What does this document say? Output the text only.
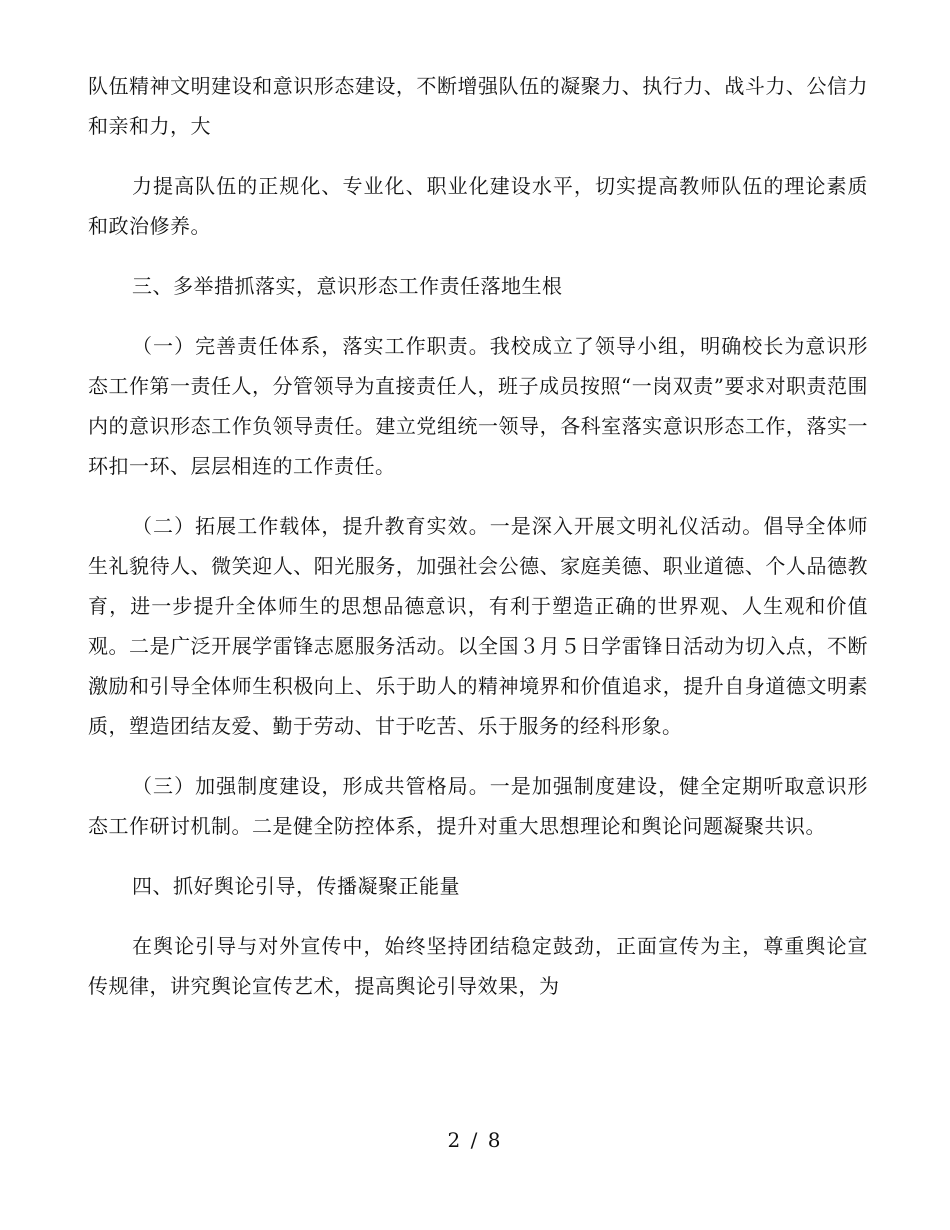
队伍精神文明建设和意识形态建设，不断增强队伍的凝聚力、执行力、战斗力、公信力和亲和力，大

力提高队伍的正规化、专业化、职业化建设水平，切实提高教师队伍的理论素质和政治修养。

三、多举措抓落实，意识形态工作责任落地生根

（一）完善责任体系，落实工作职责。我校成立了领导小组，明确校长为意识形态工作第一责任人，分管领导为直接责任人，班子成员按照“一岗双责”要求对职责范围内的意识形态工作负领导责任。建立党组统一领导，各科室落实意识形态工作，落实一环扣一环、层层相连的工作责任。

（二）拓展工作载体，提升教育实效。一是深入开展文明礼仪活动。倡导全体师生礼貌待人、微笑迎人、阳光服务，加强社会公德、家庭美德、职业道德、个人品德教育，进一步提升全体师生的思想品德意识，有利于塑造正确的世界观、人生观和价值观。二是广泛开展学雷锋志愿服务活动。以全国３月５日学雷锋日活动为切入点，不断激励和引导全体师生积极向上、乐于助人的精神境界和价值追求，提升自身道德文明素质，塑造团结友爱、勤于劳动、甘于吃苦、乐于服务的经科形象。

（三）加强制度建设，形成共管格局。一是加强制度建设，健全定期听取意识形态工作研讨机制。二是健全防控体系，提升对重大思想理论和舆论问题凝聚共识。

四、抓好舆论引导，传播凝聚正能量

在舆论引导与对外宣传中，始终坚持团结稳定鼓劲，正面宣传为主，尊重舆论宣传规律，讲究舆论宣传艺术，提高舆论引导效果，为

2 / 8
